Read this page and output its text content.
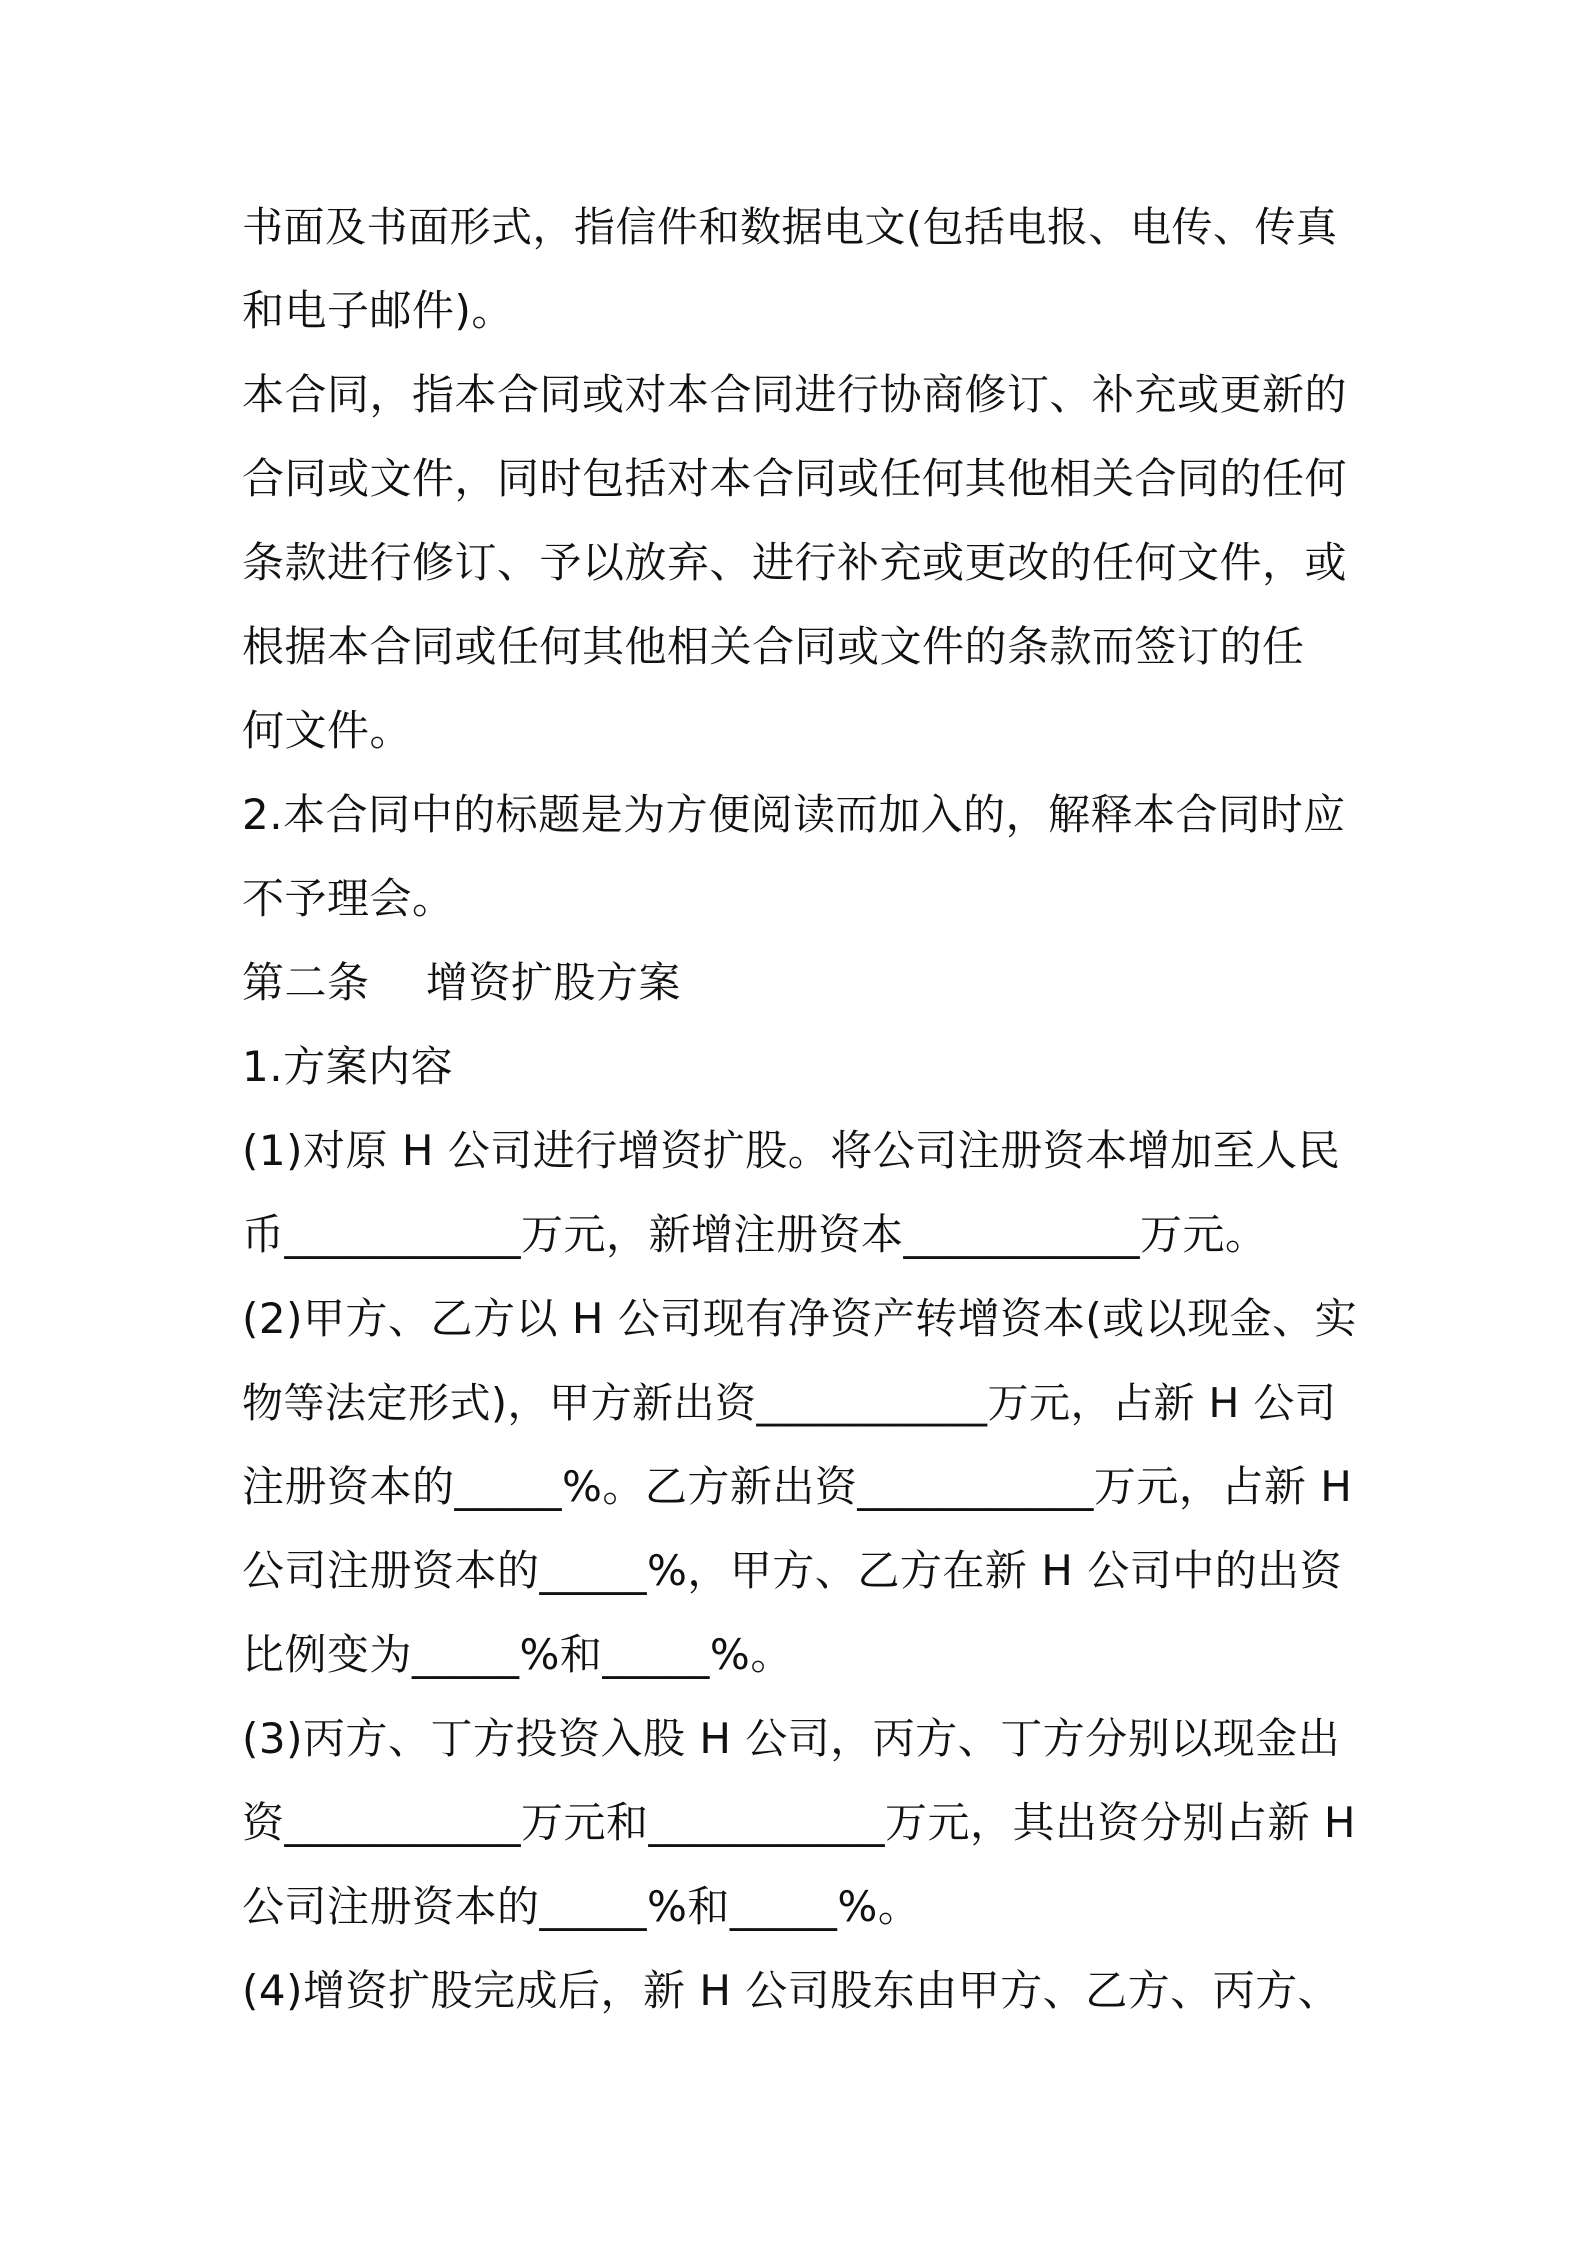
书面及书面形式，指信件和数据电文(包括电报、电传、传真
和电子邮件)。
本合同，指本合同或对本合同进行协商修订、补充或更新的
合同或文件，同时包括对本合同或任何其他相关合同的任何
条款进行修订、予以放弃、进行补充或更改的任何文件，或
根据本合同或任何其他相关合同或文件的条款而签订的任
何文件。
2.本合同中的标题是为方便阅读而加入的，解释本合同时应
不予理会。
第二条　 增资扩股方案
1.方案内容
(1)对原 H 公司进行增资扩股。将公司注册资本增加至人民
币___________万元，新增注册资本___________万元。
(2)甲方、乙方以 H 公司现有净资产转增资本(或以现金、实
物等法定形式)，甲方新出资___________万元，占新 H 公司
注册资本的_____%。乙方新出资___________万元，占新 H
公司注册资本的_____%，甲方、乙方在新 H 公司中的出资
比例变为_____%和_____%。
(3)丙方、丁方投资入股 H 公司，丙方、丁方分别以现金出
资___________万元和___________万元，其出资分别占新 H
公司注册资本的_____%和_____%。
(4)增资扩股完成后，新 H 公司股东由甲方、乙方、丙方、
